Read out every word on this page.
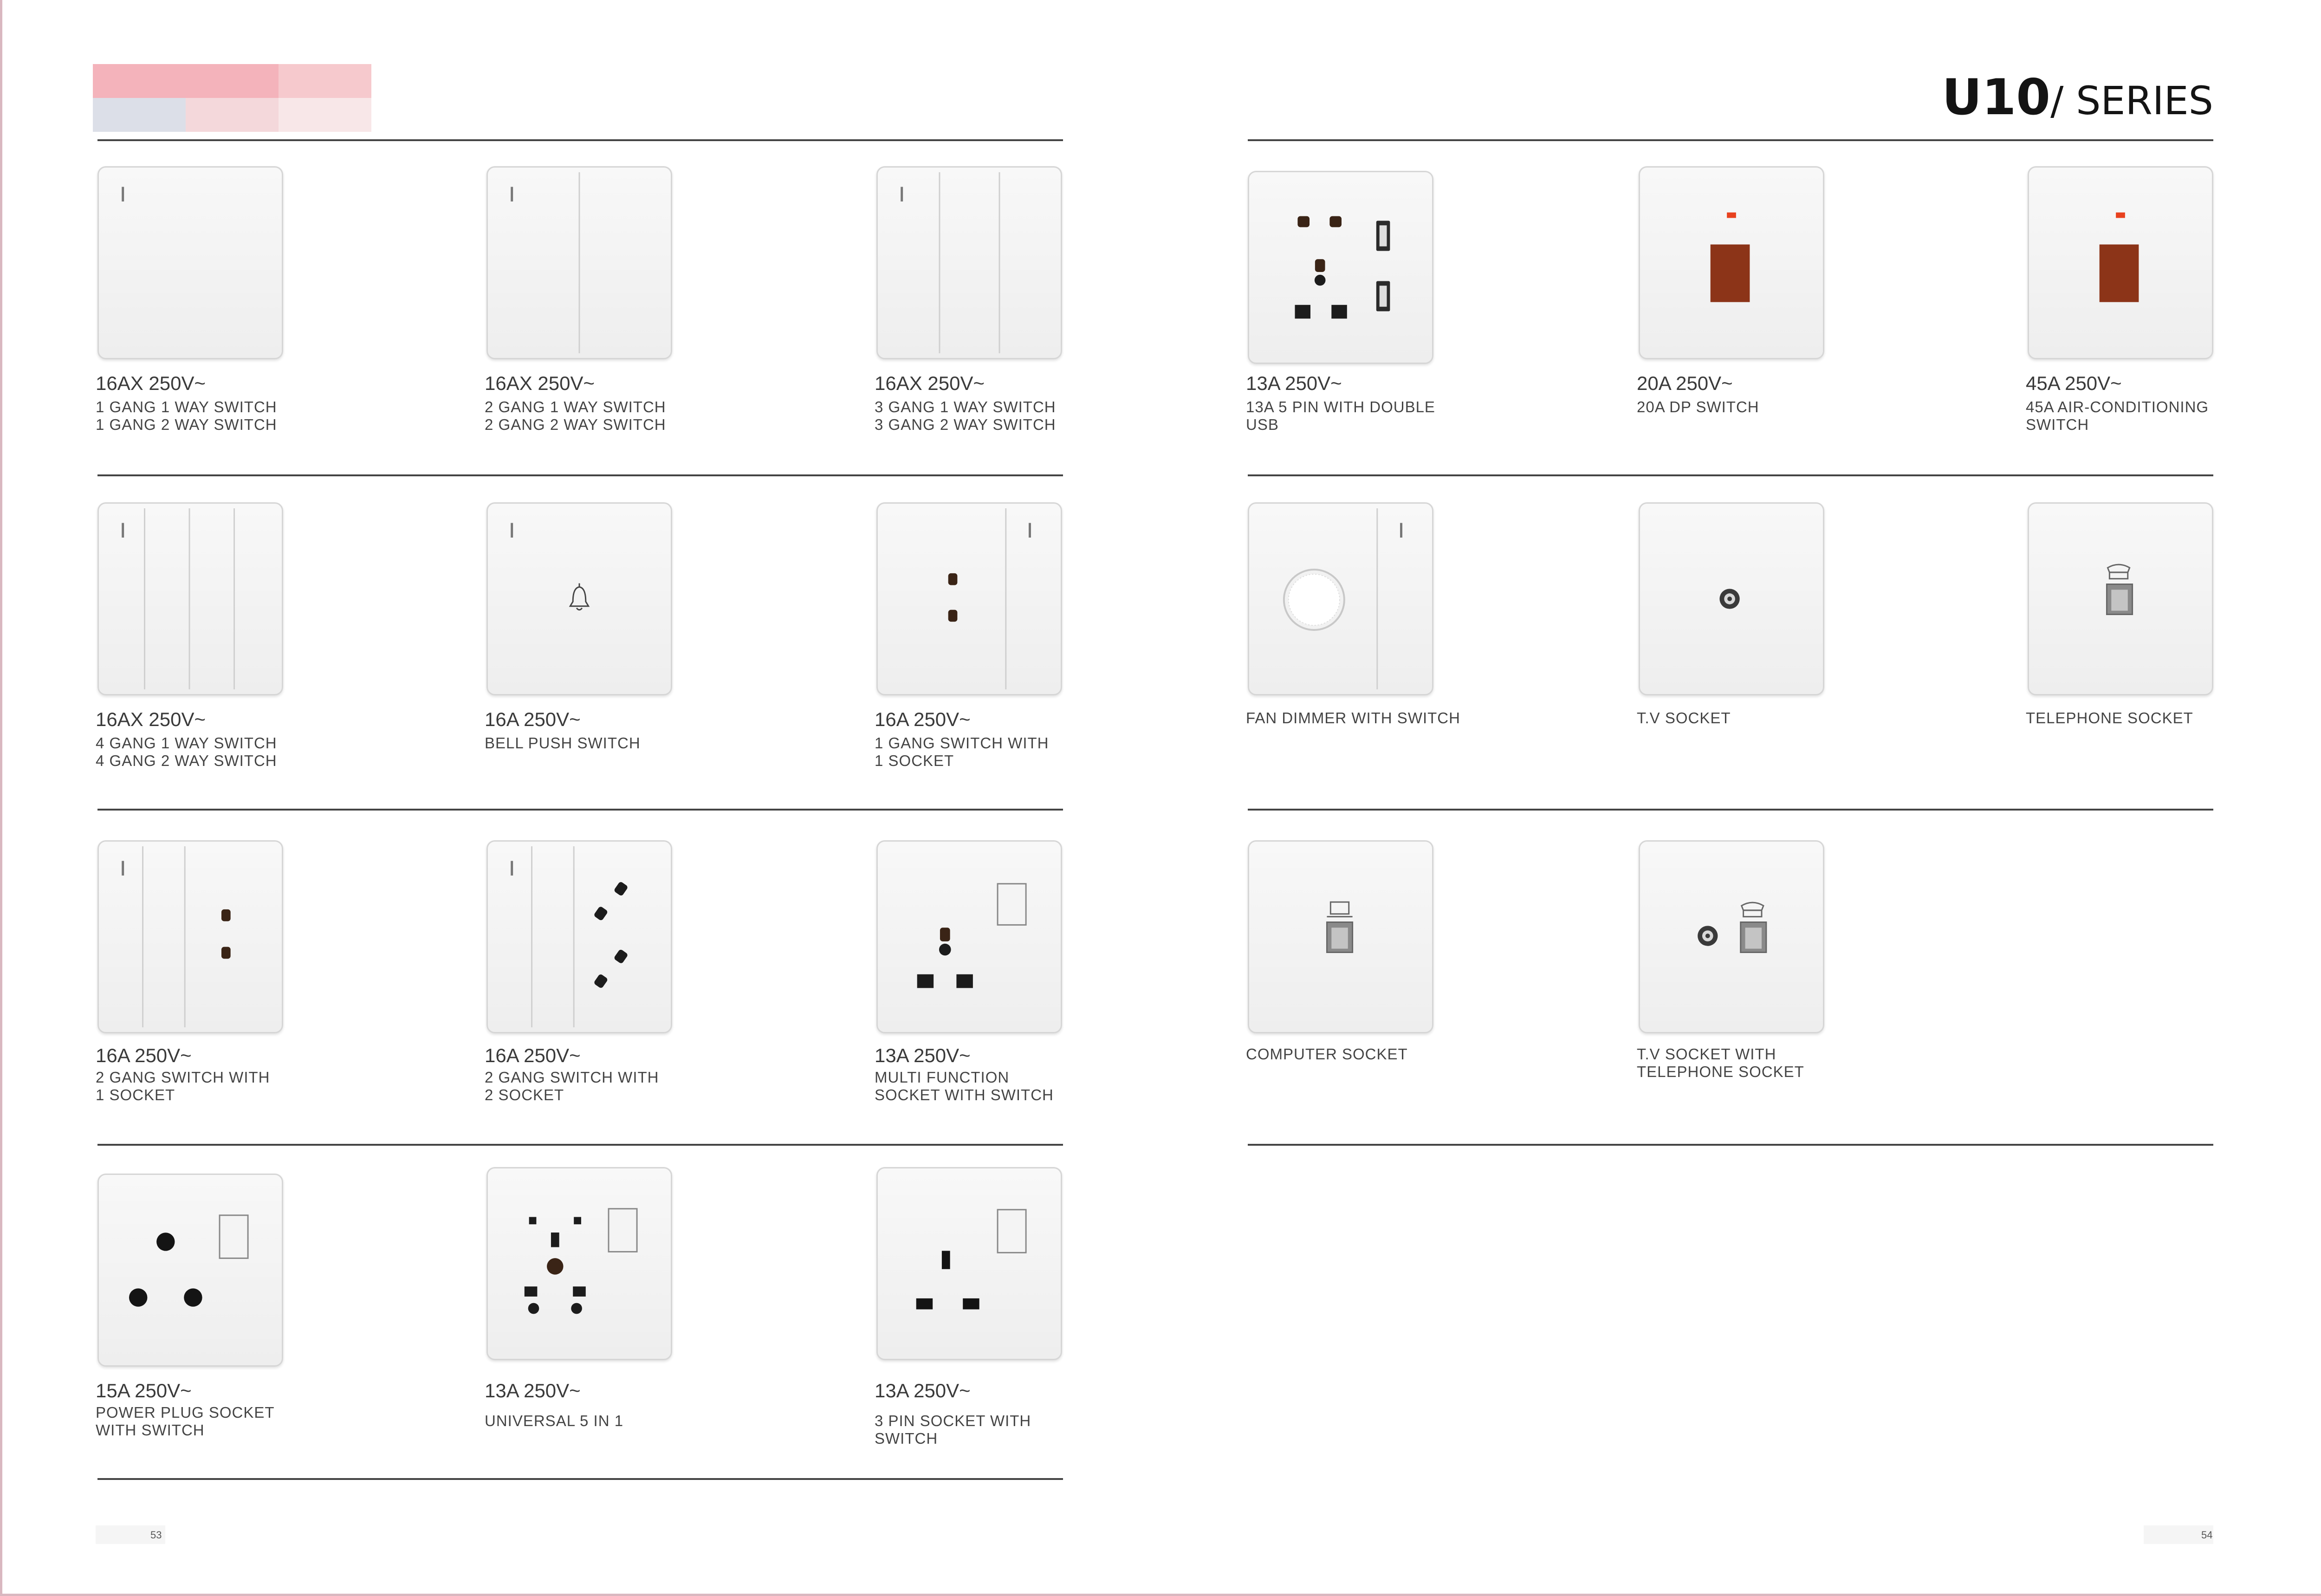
U10/ SERIES
16AX 250V~
1 GANG 1 WAY SWITCH
1 GANG 2 WAY SWITCH
16AX 250V~
2 GANG 1 WAY SWITCH
2 GANG 2 WAY SWITCH
16AX 250V~
3 GANG 1 WAY SWITCH
3 GANG 2 WAY SWITCH
16AX 250V~
4 GANG 1 WAY SWITCH
4 GANG 2 WAY SWITCH
16A 250V~
BELL PUSH SWITCH
16A 250V~
1 GANG SWITCH WITH
1 SOCKET
16A 250V~
2 GANG SWITCH WITH
1 SOCKET
16A 250V~
2 GANG SWITCH WITH
2 SOCKET
13A 250V~
MULTI FUNCTION
SOCKET WITH SWITCH
15A 250V~
POWER PLUG SOCKET
WITH SWITCH
13A 250V~
UNIVERSAL 5 IN 1
13A 250V~
3 PIN SOCKET WITH
SWITCH
13A 250V~
13A 5 PIN WITH DOUBLE
USB
20A 250V~
20A DP SWITCH
45A 250V~
45A AIR-CONDITIONING
SWITCH
FAN DIMMER WITH SWITCH	T.V SOCKET	TELEPHONE SOCKET
COMPUTER SOCKET	T.V SOCKET WITH
TELEPHONE SOCKET
53	54
